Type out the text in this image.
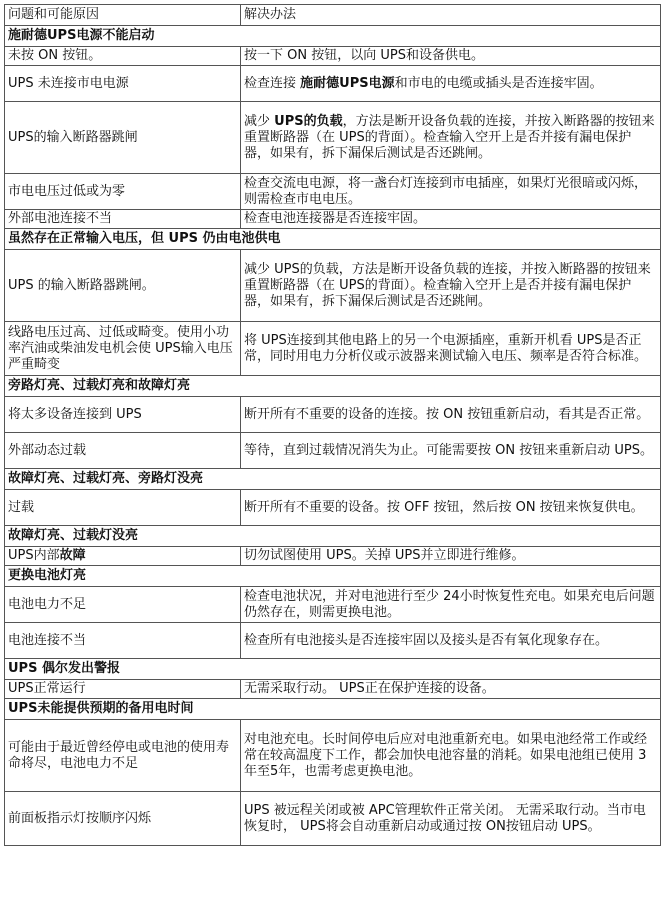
问题和可能原因	解决办法
施耐德UPS电源不能启动	
未按 ON 按钮。	按一下 ON 按钮，以向 UPS和设备供电。
UPS 未连接市电电源	检查连接 施耐德UPS电源和市电的电缆或插头是否连接牢固。
UPS的输入断路器跳闸	减少 UPS的负载，方法是断开设备负载的连接，并按入断路器的按钮来重置断路器（在 UPS的背面）。检查输入空开上是否并接有漏电保护器，如果有，拆下漏保后测试是否还跳闸。
市电电压过低或为零	检查交流电电源，将一盏台灯连接到市电插座，如果灯光很暗或闪烁，则需检查市电电压。
外部电池连接不当	检查电池连接器是否连接牢固。
虽然存在正常输入电压，但 UPS 仍由电池供电	
UPS 的输入断路器跳闸。	减少 UPS的负载，方法是断开设备负载的连接，并按入断路器的按钮来重置断路器（在 UPS的背面）。检查输入空开上是否并接有漏电保护器，如果有，拆下漏保后测试是否还跳闸。
线路电压过高、过低或畸变。使用小功率汽油或柴油发电机会使 UPS输入电压严重畸变	将 UPS连接到其他电路上的另一个电源插座，重新开机看 UPS是否正常，同时用电力分析仪或示波器来测试输入电压、频率是否符合标准。
旁路灯亮、过载灯亮和故障灯亮	
将太多设备连接到 UPS	断开所有不重要的设备的连接。按 ON 按钮重新启动，看其是否正常。
外部动态过载	等待，直到过载情况消失为止。可能需要按 ON 按钮来重新启动 UPS。
故障灯亮、过载灯亮、旁路灯没亮	
过载	断开所有不重要的设备。按 OFF 按钮，然后按 ON 按钮来恢复供电。
故障灯亮、过载灯没亮	
UPS内部故障	切勿试图使用 UPS。关掉 UPS并立即进行维修。
更换电池灯亮	
电池电力不足	检查电池状况，并对电池进行至少 24小时恢复性充电。如果充电后问题仍然存在，则需更换电池。
电池连接不当	检查所有电池接头是否连接牢固以及接头是否有氧化现象存在。
UPS 偶尔发出警报	
UPS正常运行	无需采取行动。 UPS正在保护连接的设备。
UPS未能提供预期的备用电时间	
可能由于最近曾经停电或电池的使用寿命将尽，电池电力不足	对电池充电。长时间停电后应对电池重新充电。如果电池经常工作或经常在较高温度下工作，都会加快电池容量的消耗。如果电池组已使用 3年至5年，也需考虑更换电池。
前面板指示灯按顺序闪烁	UPS 被远程关闭或被 APC管理软件正常关闭。 无需采取行动。当市电恢复时， UPS将会自动重新启动或通过按 ON按钮启动 UPS。
